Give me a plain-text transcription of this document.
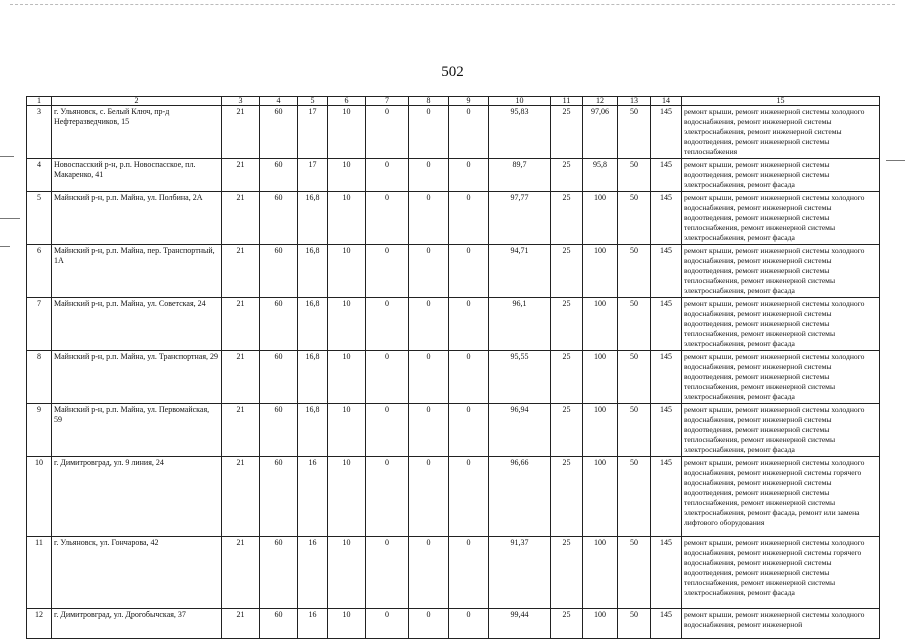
502
1	2	3	4	5	6	7	8	9	10	11	12	13	14	15
3	г. Ульяновск, с. Белый Ключ, пр-д Нефтеразведчиков, 15	21	60	17	10	0	0	0	95,83	25	97,06	50	145	ремонт крыши, ремонт инженерной системы холодного водоснабжения, ремонт инженерной системы электроснабжения, ремонт инженерной системы водоотведения, ремонт инженерной системы теплоснабжения
4	Новоспасский р-н, р.п. Новоспасское, пл. Макаренко, 41	21	60	17	10	0	0	0	89,7	25	95,8	50	145	ремонт крыши, ремонт инженерной системы водоотведения, ремонт инженерной системы электроснабжения, ремонт фасада
5	Майнский р-н, р.п. Майна, ул. Полбина, 2А	21	60	16,8	10	0	0	0	97,77	25	100	50	145	ремонт крыши, ремонт инженерной системы холодного водоснабжения, ремонт инженерной системы водоотведения, ремонт инженерной системы теплоснабжения, ремонт инженерной системы электроснабжения, ремонт фасада
6	Майнский р-н, р.п. Майна, пер. Транспортный, 1А	21	60	16,8	10	0	0	0	94,71	25	100	50	145	ремонт крыши, ремонт инженерной системы холодного водоснабжения, ремонт инженерной системы водоотведения, ремонт инженерной системы теплоснабжения, ремонт инженерной системы электроснабжения, ремонт фасада
7	Майнский р-н, р.п. Майна, ул. Советская, 24	21	60	16,8	10	0	0	0	96,1	25	100	50	145	ремонт крыши, ремонт инженерной системы холодного водоснабжения, ремонт инженерной системы водоотведения, ремонт инженерной системы теплоснабжения, ремонт инженерной системы электроснабжения, ремонт фасада
8	Майнский р-н, р.п. Майна, ул. Транспортная, 29	21	60	16,8	10	0	0	0	95,55	25	100	50	145	ремонт крыши, ремонт инженерной системы холодного водоснабжения, ремонт инженерной системы водоотведения, ремонт инженерной системы теплоснабжения, ремонт инженерной системы электроснабжения, ремонт фасада
9	Майнский р-н, р.п. Майна, ул. Первомайская, 59	21	60	16,8	10	0	0	0	96,94	25	100	50	145	ремонт крыши, ремонт инженерной системы холодного водоснабжения, ремонт инженерной системы водоотведения, ремонт инженерной системы теплоснабжения, ремонт инженерной системы электроснабжения, ремонт фасада
10	г. Димитровград, ул. 9 линия, 24	21	60	16	10	0	0	0	96,66	25	100	50	145	ремонт крыши, ремонт инженерной системы холодного водоснабжения, ремонт инженерной системы горячего водоснабжения, ремонт инженерной системы водоотведения, ремонт инженерной системы теплоснабжения, ремонт инженерной системы электроснабжения, ремонт фасада, ремонт или замена лифтового оборудования
11	г. Ульяновск, ул. Гончарова, 42	21	60	16	10	0	0	0	91,37	25	100	50	145	ремонт крыши, ремонт инженерной системы холодного водоснабжения, ремонт инженерной системы горячего водоснабжения, ремонт инженерной системы водоотведения, ремонт инженерной системы теплоснабжения, ремонт инженерной системы электроснабжения, ремонт фасада
12	г. Димитровград, ул. Дрогобычская, 37	21	60	16	10	0	0	0	99,44	25	100	50	145	ремонт крыши, ремонт инженерной системы холодного водоснабжения, ремонт инженерной
